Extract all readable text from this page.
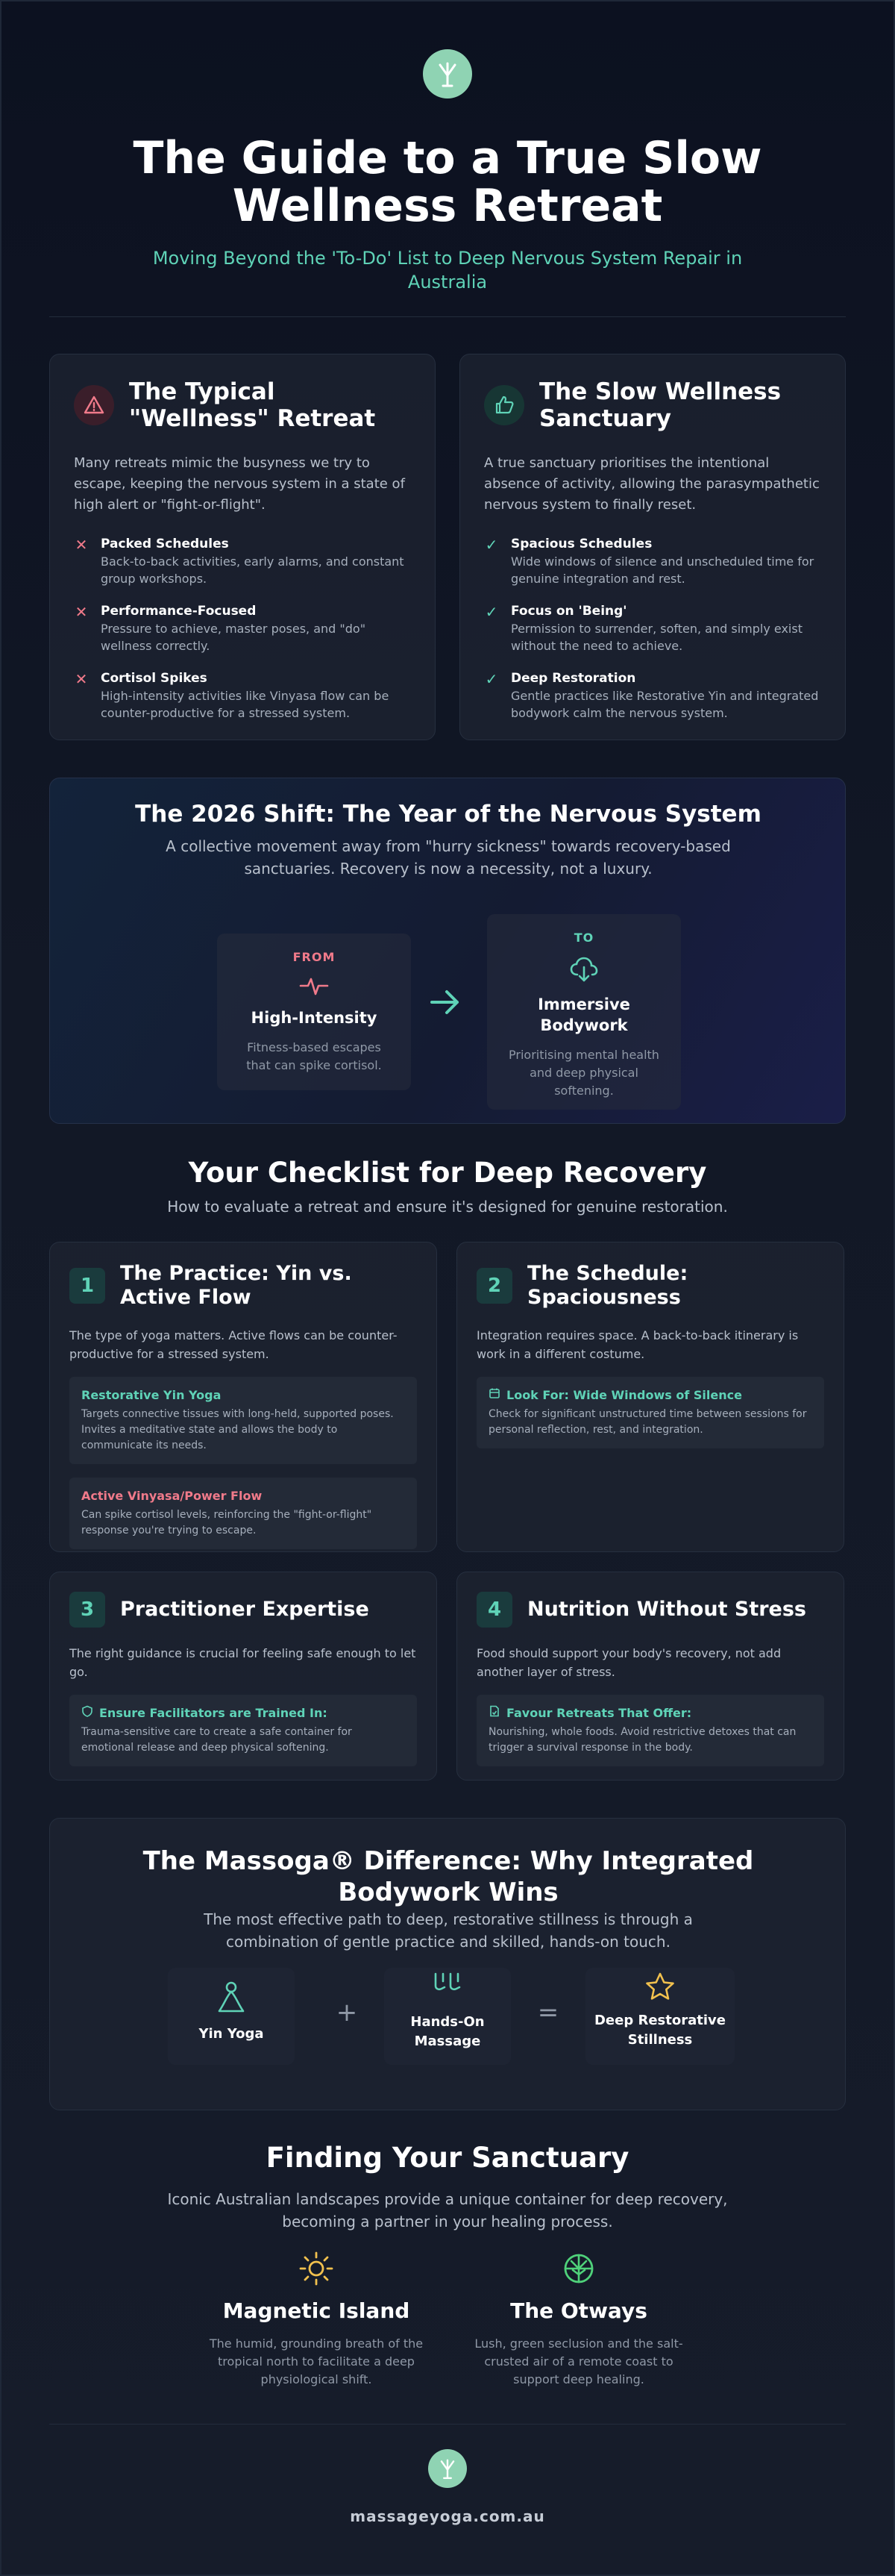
The Guide to a True Slow Wellness Retreat
Moving Beyond the 'To-Do' List to Deep Nervous System Repair in Australia
The Typical "Wellness" Retreat
Many retreats mimic the busyness we try to escape, keeping the nervous system in a state of high alert or "fight-or-flight".
✕ Packed Schedules
Back-to-back activities, early alarms, and constant group workshops.
✕ Performance-Focused
Pressure to achieve, master poses, and "do" wellness correctly.
✕ Cortisol Spikes
High-intensity activities like Vinyasa flow can be counter-productive for a stressed system.
The Slow Wellness Sanctuary
A true sanctuary prioritises the intentional absence of activity, allowing the parasympathetic nervous system to finally reset.
✓ Spacious Schedules
Wide windows of silence and unscheduled time for genuine integration and rest.
✓ Focus on 'Being'
Permission to surrender, soften, and simply exist without the need to achieve.
✓ Deep Restoration
Gentle practices like Restorative Yin and integrated bodywork calm the nervous system.
The 2026 Shift: The Year of the Nervous System
A collective movement away from "hurry sickness" towards recovery-based sanctuaries. Recovery is now a necessity, not a luxury.
FROM
High-Intensity
Fitness-based escapes that can spike cortisol.
TO
Immersive Bodywork
Prioritising mental health and deep physical softening.
Your Checklist for Deep Recovery
How to evaluate a retreat and ensure it's designed for genuine restoration.
1
The Practice: Yin vs. Active Flow
The type of yoga matters. Active flows can be counter-productive for a stressed system.
Restorative Yin Yoga
Targets connective tissues with long-held, supported poses. Invites a meditative state and allows the body to communicate its needs.
Active Vinyasa/Power Flow
Can spike cortisol levels, reinforcing the "fight-or-flight" response you're trying to escape.
2
The Schedule: Spaciousness
Integration requires space. A back-to-back itinerary is work in a different costume.
Look For: Wide Windows of Silence
Check for significant unstructured time between sessions for personal reflection, rest, and integration.
3	Practitioner Expertise
The right guidance is crucial for feeling safe enough to let go.
Ensure Facilitators are Trained In:
Trauma-sensitive care to create a safe container for emotional release and deep physical softening.
4	Nutrition Without Stress
Food should support your body's recovery, not add another layer of stress.
Favour Retreats That Offer:
Nourishing, whole foods. Avoid restrictive detoxes that can trigger a survival response in the body.
The Massoga® Difference: Why Integrated Bodywork Wins
The most effective path to deep, restorative stillness is through a combination of gentle practice and skilled, hands-on touch.
Yin Yoga
+	Hands-On Massage
=	Deep Restorative Stillness
Finding Your Sanctuary
Iconic Australian landscapes provide a unique container for deep recovery, becoming a partner in your healing process.
Magnetic Island
The humid, grounding breath of the tropical north to facilitate a deep physiological shift.
The Otways
Lush, green seclusion and the salt-crusted air of a remote coast to support deep healing.
massageyoga.com.au
